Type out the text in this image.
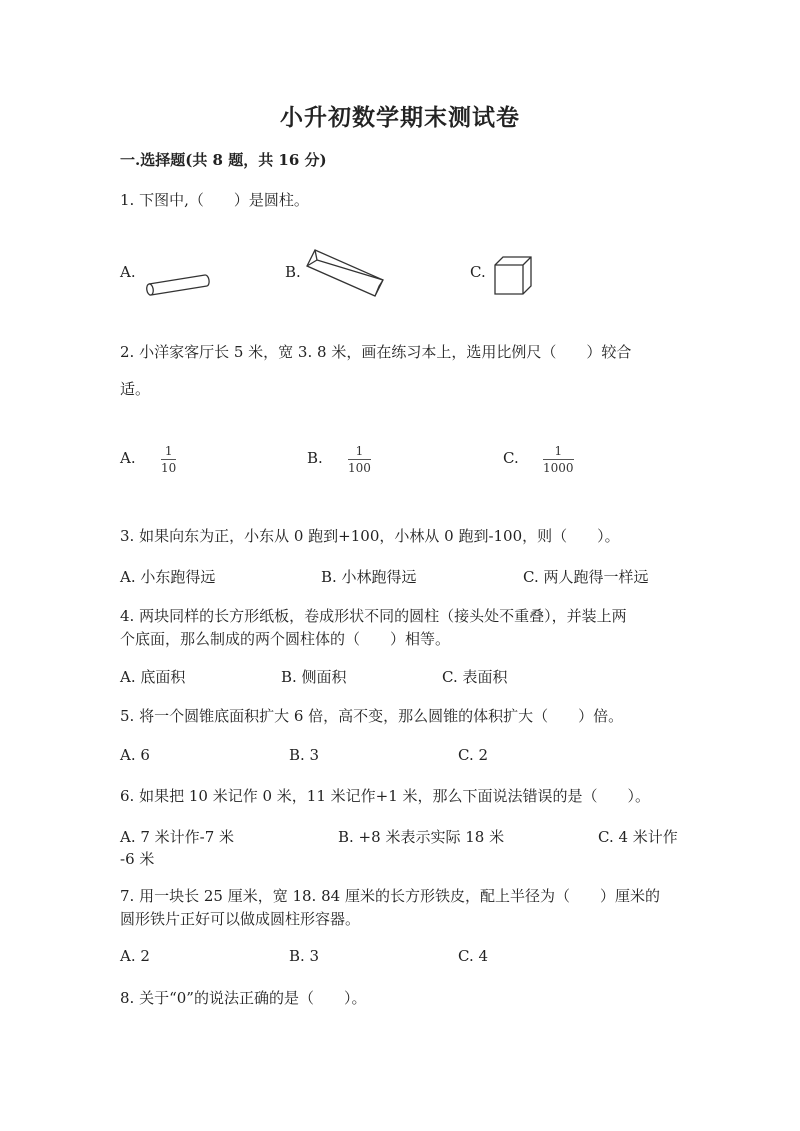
小升初数学期末测试卷
一.选择题(共 8 题，共 16 分)
1. 下图中,（　　）是圆柱。
A.	B.	C.
2. 小洋家客厅长 5 米，宽 3. 8 米，画在练习本上，选用比例尺（　　）较合
适。
A. $\frac{1}{10}$	B. $\frac{1}{100}$	C. $\frac{1}{1000}$
3. 如果向东为正，小东从 0 跑到+100，小林从 0 跑到-100，则（　　）。
A. 小东跑得远	B. 小林跑得远	C. 两人跑得一样远
4. 两块同样的长方形纸板，卷成形状不同的圆柱（接头处不重叠），并装上两
个底面，那么制成的两个圆柱体的（　　）相等。
A. 底面积	B. 侧面积	C. 表面积
5. 将一个圆锥底面积扩大 6 倍，高不变，那么圆锥的体积扩大（　　）倍。
A. 6	B. 3	C. 2
6. 如果把 10 米记作 0 米，11 米记作+1 米，那么下面说法错误的是（　　）。
A. 7 米计作-7 米	B. +8 米表示实际 18 米	C. 4 米计作
-6 米
7. 用一块长 25 厘米，宽 18. 84 厘米的长方形铁皮，配上半径为（　　）厘米的
圆形铁片正好可以做成圆柱形容器。
A. 2	B. 3	C. 4
8. 关于“0”的说法正确的是（　　）。
